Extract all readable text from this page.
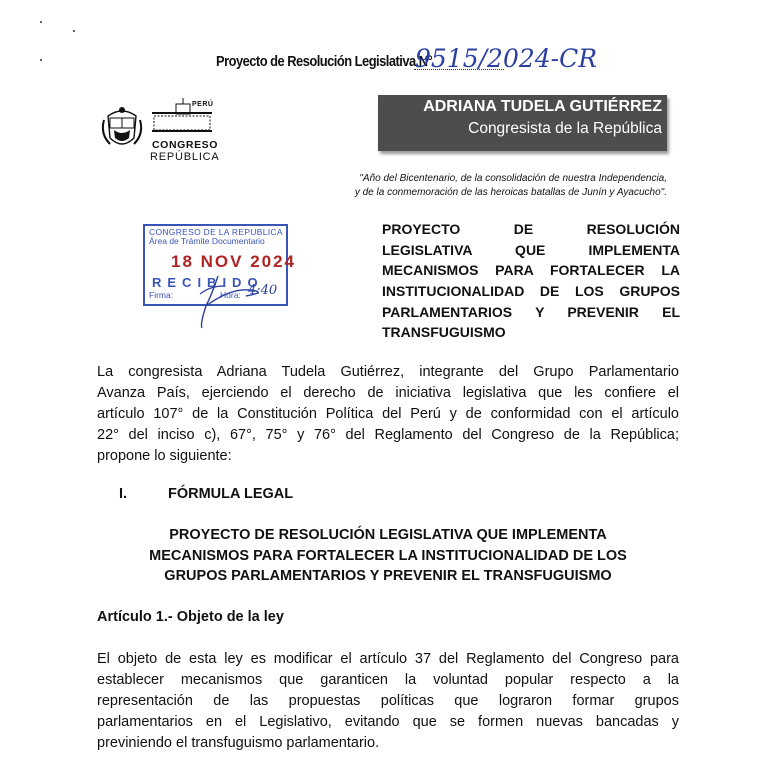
Proyecto de Resolución Legislativa N°
9515/2024-CR
PERÚ
CONGRESO
REPÚBLICA
ADRIANA TUDELA GUTIÉRREZ
Congresista de la República
"Año del Bicentenario, de la consolidación de nuestra Independencia,
y de la conmemoración de las heroicas batallas de Junín y Ayacucho".
CONGRESO DE LA REPUBLICA
Área de Trámite Documentario
18 NOV 2024
RECIBIDO
Firma:	Hora: 4:40
PROYECTO DE RESOLUCIÓN
LEGISLATIVA QUE IMPLEMENTA
MECANISMOS PARA FORTALECER LA
INSTITUCIONALIDAD DE LOS GRUPOS
PARLAMENTARIOS Y PREVENIR EL
TRANSFUGUISMO
La congresista Adriana Tudela Gutiérrez, integrante del Grupo Parlamentario
Avanza País, ejerciendo el derecho de iniciativa legislativa que les confiere el
artículo 107° de la Constitución Política del Perú y de conformidad con el artículo
22° del inciso c), 67°, 75° y 76° del Reglamento del Congreso de la República;
propone lo siguiente:
I.	FÓRMULA LEGAL
PROYECTO DE RESOLUCIÓN LEGISLATIVA QUE IMPLEMENTA
MECANISMOS PARA FORTALECER LA INSTITUCIONALIDAD DE LOS
GRUPOS PARLAMENTARIOS Y PREVENIR EL TRANSFUGUISMO
Artículo 1.- Objeto de la ley
El objeto de esta ley es modificar el artículo 37 del Reglamento del Congreso para
establecer mecanismos que garanticen la voluntad popular respecto a la
representación de las propuestas políticas que lograron formar grupos
parlamentarios en el Legislativo, evitando que se formen nuevas bancadas y
previniendo el transfuguismo parlamentario.
